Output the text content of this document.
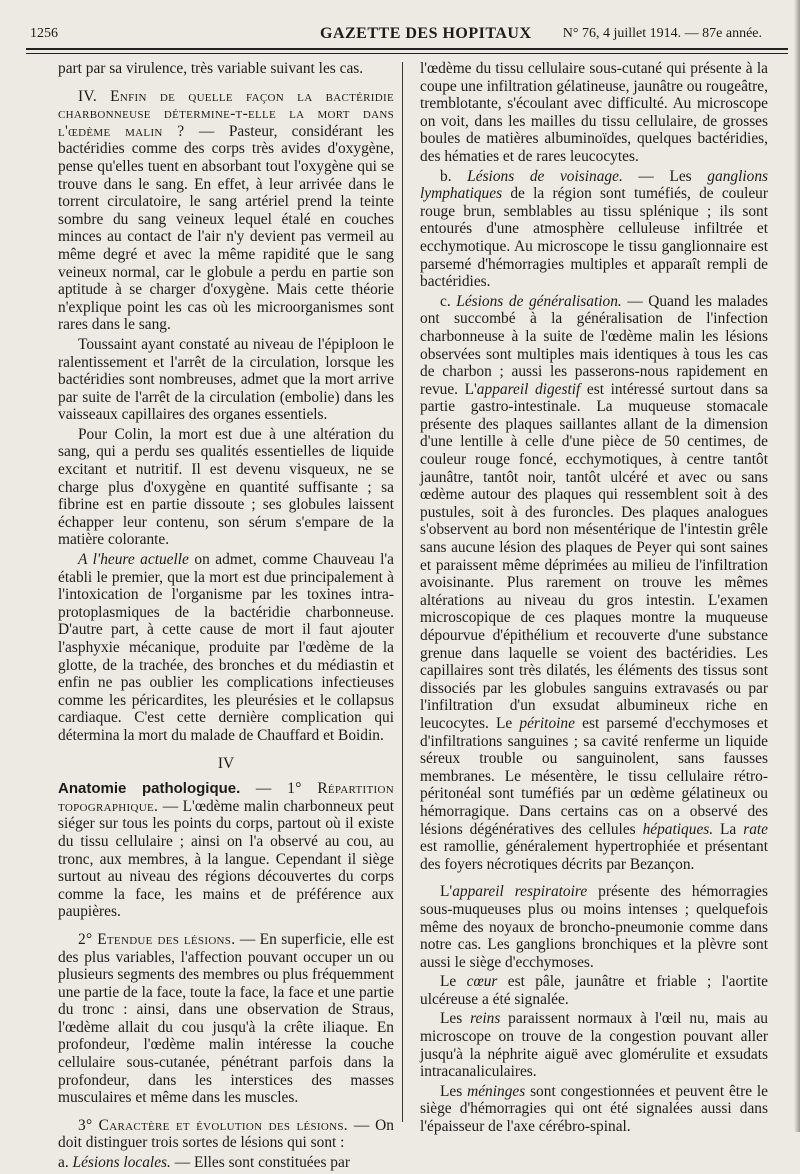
1256	GAZETTE DES HOPITAUX N° 76, 4 juillet 1914. — 87e année.

part par sa virulence, très variable suivant les cas.

IV. Enfin de quelle façon la bactéridie charbonneuse détermine-t-elle la mort dans l'œdème malin ? — Pasteur, considérant les bactéridies comme des corps très avides d'oxygène, pense qu'elles tuent en absorbant tout l'oxygène qui se trouve dans le sang. En effet, à leur arrivée dans le torrent circulatoire, le sang artériel prend la teinte sombre du sang veineux lequel étalé en couches minces au contact de l'air n'y devient pas vermeil au même degré et avec la même rapidité que le sang veineux normal, car le globule a perdu en partie son aptitude à se charger d'oxygène. Mais cette théorie n'explique point les cas où les microorganismes sont rares dans le sang.

Toussaint ayant constaté au niveau de l'épiploon le ralentissement et l'arrêt de la circulation, lorsque les bactéridies sont nombreuses, admet que la mort arrive par suite de l'arrêt de la circulation (embolie) dans les vaisseaux capillaires des organes essentiels.

Pour Colin, la mort est due à une altération du sang, qui a perdu ses qualités essentielles de liquide excitant et nutritif. Il est devenu visqueux, ne se charge plus d'oxygène en quantité suffisante ; sa fibrine est en partie dissoute ; ses globules laissent échapper leur contenu, son sérum s'empare de la matière colorante.

A l'heure actuelle on admet, comme Chauveau l'a établi le premier, que la mort est due principalement à l'intoxication de l'organisme par les toxines intra-protoplasmiques de la bactéridie charbonneuse. D'autre part, à cette cause de mort il faut ajouter l'asphyxie mécanique, produite par l'œdème de la glotte, de la trachée, des bronches et du médiastin et enfin ne pas oublier les complications infectieuses comme les péricardites, les pleurésies et le collapsus cardiaque. C'est cette dernière complication qui détermina la mort du malade de Chauffard et Boidin.

IV

Anatomie pathologique. — 1° Répartition topographique. — L'œdème malin charbonneux peut siéger sur tous les points du corps, partout où il existe du tissu cellulaire ; ainsi on l'a observé au cou, au tronc, aux membres, à la langue. Cependant il siège surtout au niveau des régions découvertes du corps comme la face, les mains et de préférence aux paupières.

2° Etendue des lésions. — En superficie, elle est des plus variables, l'affection pouvant occuper un ou plusieurs segments des membres ou plus fréquemment une partie de la face, toute la face, la face et une partie du tronc : ainsi, dans une observation de Straus, l'œdème allait du cou jusqu'à la crête iliaque. En profondeur, l'œdème malin intéresse la couche cellulaire sous-cutanée, pénétrant parfois dans la profondeur, dans les interstices des masses musculaires et même dans les muscles.

3° Caractère et évolution des lésions. — On doit distinguer trois sortes de lésions qui sont :

a. Lésions locales. — Elles sont constituées par

l'œdème du tissu cellulaire sous-cutané qui présente à la coupe une infiltration gélatineuse, jaunâtre ou rougeâtre, tremblotante, s'écoulant avec difficulté. Au microscope on voit, dans les mailles du tissu cellulaire, de grosses boules de matières albuminoïdes, quelques bactéridies, des hématies et de rares leucocytes.

b. Lésions de voisinage. — Les ganglions lymphatiques de la région sont tuméfiés, de couleur rouge brun, semblables au tissu splénique ; ils sont entourés d'une atmosphère celluleuse infiltrée et ecchymotique. Au microscope le tissu ganglionnaire est parsemé d'hémorragies multiples et apparaît rempli de bactéridies.

c. Lésions de généralisation. — Quand les malades ont succombé à la généralisation de l'infection charbonneuse à la suite de l'œdème malin les lésions observées sont multiples mais identiques à tous les cas de charbon ; aussi les passerons-nous rapidement en revue. L'appareil digestif est intéressé surtout dans sa partie gastro-intestinale. La muqueuse stomacale présente des plaques saillantes allant de la dimension d'une lentille à celle d'une pièce de 50 centimes, de couleur rouge foncé, ecchymotiques, à centre tantôt jaunâtre, tantôt noir, tantôt ulcéré et avec ou sans œdème autour des plaques qui ressemblent soit à des pustules, soit à des furoncles. Des plaques analogues s'observent au bord non mésentérique de l'intestin grêle sans aucune lésion des plaques de Peyer qui sont saines et paraissent même déprimées au milieu de l'infiltration avoisinante. Plus rarement on trouve les mêmes altérations au niveau du gros intestin. L'examen microscopique de ces plaques montre la muqueuse dépourvue d'épithélium et recouverte d'une substance grenue dans laquelle se voient des bactéridies. Les capillaires sont très dilatés, les éléments des tissus sont dissociés par les globules sanguins extravasés ou par l'infiltration d'un exsudat albumineux riche en leucocytes. Le péritoine est parsemé d'ecchymoses et d'infiltrations sanguines ; sa cavité renferme un liquide séreux trouble ou sanguinolent, sans fausses membranes. Le mésentère, le tissu cellulaire rétro-péritonéal sont tuméfiés par un œdème gélatineux ou hémorragique. Dans certains cas on a observé des lésions dégénératives des cellules hépatiques. La rate est ramollie, généralement hypertrophiée et présentant des foyers nécrotiques décrits par Bezançon.

L'appareil respiratoire présente des hémorragies sous-muqueuses plus ou moins intenses ; quelquefois même des noyaux de broncho-pneumonie comme dans notre cas. Les ganglions bronchiques et la plèvre sont aussi le siège d'ecchymoses.

Le cœur est pâle, jaunâtre et friable ; l'aortite ulcéreuse a été signalée.

Les reins paraissent normaux à l'œil nu, mais au microscope on trouve de la congestion pouvant aller jusqu'à la néphrite aiguë avec glomérulite et exsudats intracanaliculaires.

Les méninges sont congestionnées et peuvent être le siège d'hémorragies qui ont été signalées aussi dans l'épaisseur de l'axe cérébro-spinal.
